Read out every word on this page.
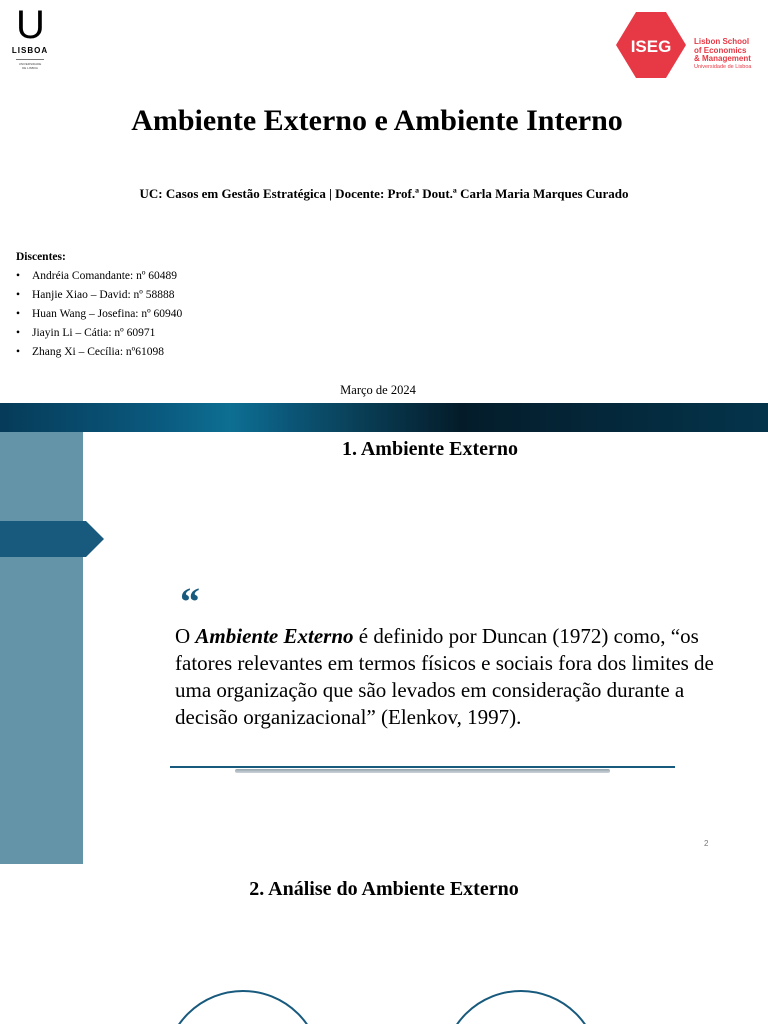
U
LISBOA
UNIVERSIDADE
DE LISBOA
ISEG	Lisbon School
of Economics
& Management
Universidade de Lisboa
Ambiente Externo e Ambiente Interno
UC: Casos em Gestão Estratégica | Docente: Prof.ª Dout.ª Carla Maria Marques Curado
Discentes:
• Andréia Comandante: nº 60489
• Hanjie Xiao – David: nº 58888
• Huan Wang – Josefina: nº 60940
• Jiayin Li – Cátia: nº 60971
• Zhang Xi – Cecília: nº61098
Março de 2024
1. Ambiente Externo
“
O Ambiente Externo é definido por Duncan (1972) como, “os fatores relevantes em termos físicos e sociais fora dos limites de uma organização que são levados em consideração durante a decisão organizacional” (Elenkov, 1997).
2
2. Análise do Ambiente Externo
